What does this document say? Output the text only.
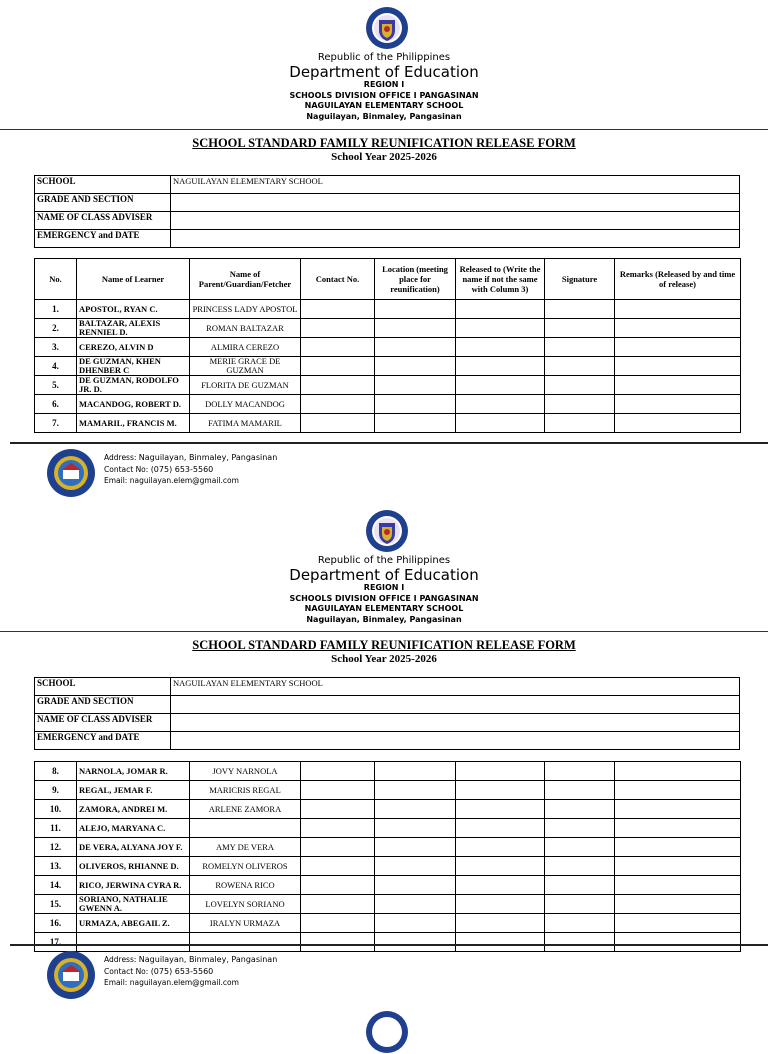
Republic of the Philippines
Department of Education
REGION I
SCHOOLS DIVISION OFFICE I PANGASINAN
NAGUILAYAN ELEMENTARY SCHOOL
Naguilayan, Binmaley, Pangasinan
SCHOOL STANDARD FAMILY REUNIFICATION RELEASE FORM
School Year 2025-2026
SCHOOL	NAGUILAYAN ELEMENTARY SCHOOL
GRADE AND SECTION	
NAME OF CLASS ADVISER	
EMERGENCY and DATE	
No.	Name of Learner	Name of Parent/Guardian/Fetcher	Contact No.	Location (meeting place for reunification)	Released to (Write the name if not the same with Column 3)	Signature	Remarks (Released by and time of release)
1.	APOSTOL, RYAN C.	PRINCESS LADY APOSTOL					
2.	BALTAZAR, ALEXIS RENNIEL D.	ROMAN BALTAZAR					
3.	CEREZO, ALVIN D	ALMIRA CEREZO					
4.	DE GUZMAN, KHEN DHENBER C	MERIE GRACE DE GUZMAN					
5.	DE GUZMAN, RODOLFO JR. D.	FLORITA DE GUZMAN					
6.	MACANDOG, ROBERT D.	DOLLY MACANDOG					
7.	MAMARIL, FRANCIS M.	FATIMA MAMARIL					
Address: Naguilayan, Binmaley, Pangasinan
Contact No: (075) 653-5560
Email: naguilayan.elem@gmail.com
Republic of the Philippines
Department of Education
REGION I
SCHOOLS DIVISION OFFICE I PANGASINAN
NAGUILAYAN ELEMENTARY SCHOOL
Naguilayan, Binmaley, Pangasinan
SCHOOL STANDARD FAMILY REUNIFICATION RELEASE FORM
School Year 2025-2026
SCHOOL	NAGUILAYAN ELEMENTARY SCHOOL
GRADE AND SECTION	
NAME OF CLASS ADVISER	
EMERGENCY and DATE	
8.	NARNOLA, JOMAR R.	JOVY NARNOLA					
9.	REGAL, JEMAR F.	MARICRIS REGAL					
10.	ZAMORA, ANDREI M.	ARLENE ZAMORA					
11.	ALEJO, MARYANA C.						
12.	DE VERA, ALYANA JOY F.	AMY DE VERA					
13.	OLIVEROS, RHIANNE D.	ROMELYN OLIVEROS					
14.	RICO, JERWINA CYRA R.	ROWENA RICO					
15.	SORIANO, NATHALIE GWENN A.	LOVELYN SORIANO					
16.	URMAZA, ABEGAIL Z.	IRALYN URMAZA					
17.							
Address: Naguilayan, Binmaley, Pangasinan
Contact No: (075) 653-5560
Email: naguilayan.elem@gmail.com
